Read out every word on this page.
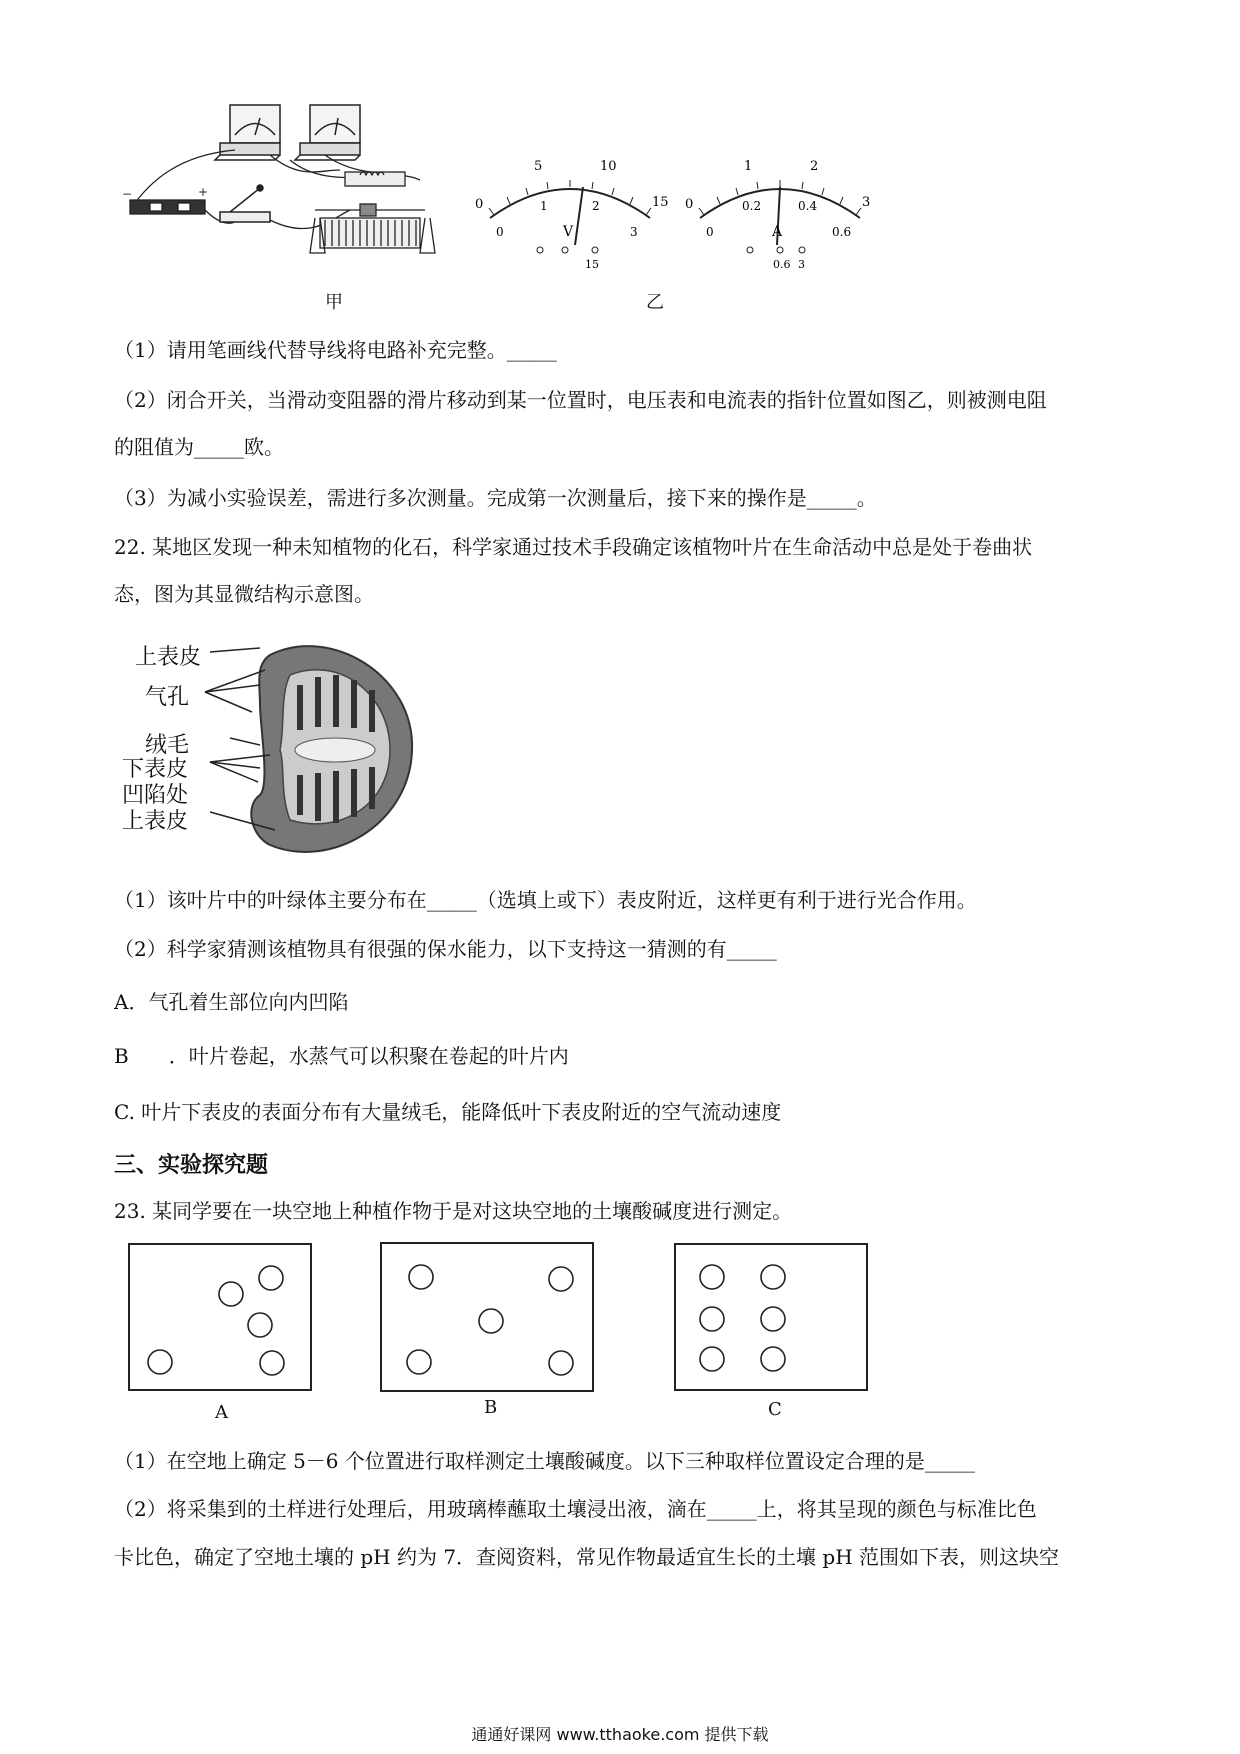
−	+
甲
0
5	10
15
0
1	2
3
V
15
0
1	2
3
0
0.2	0.4
0.6
A
0.6 3
乙
（1）请用笔画线代替导线将电路补充完整。_____
（2）闭合开关，当滑动变阻器的滑片移动到某一位置时，电压表和电流表的指针位置如图乙，则被测电阻
的阻值为_____欧。
（3）为减小实验误差，需进行多次测量。完成第一次测量后，接下来的操作是_____。
22. 某地区发现一种未知植物的化石，科学家通过技术手段确定该植物叶片在生命活动中总是处于卷曲状
态，图为其显微结构示意图。
上表皮
气孔
绒毛
下表皮
凹陷处
上表皮
（1）该叶片中的叶绿体主要分布在_____（选填上或下）表皮附近，这样更有利于进行光合作用。
（2）科学家猜测该植物具有很强的保水能力，以下支持这一猜测的有_____
A．气孔着生部位向内凹陷
B　　．叶片卷起，水蒸气可以积聚在卷起的叶片内
C. 叶片下表皮的表面分布有大量绒毛，能降低叶下表皮附近的空气流动速度
三、实验探究题
23. 某同学要在一块空地上种植作物于是对这块空地的土壤酸碱度进行测定。
A	B	C
（1）在空地上确定 5－6 个位置进行取样测定土壤酸碱度。以下三种取样位置设定合理的是_____
（2）将采集到的土样进行处理后，用玻璃棒蘸取土壤浸出液，滴在_____上，将其呈现的颜色与标准比色
卡比色，确定了空地土壤的 pH 约为 7．查阅资料，常见作物最适宜生长的土壤 pH 范围如下表，则这块空
通通好课网 www.tthaoke.com 提供下载
